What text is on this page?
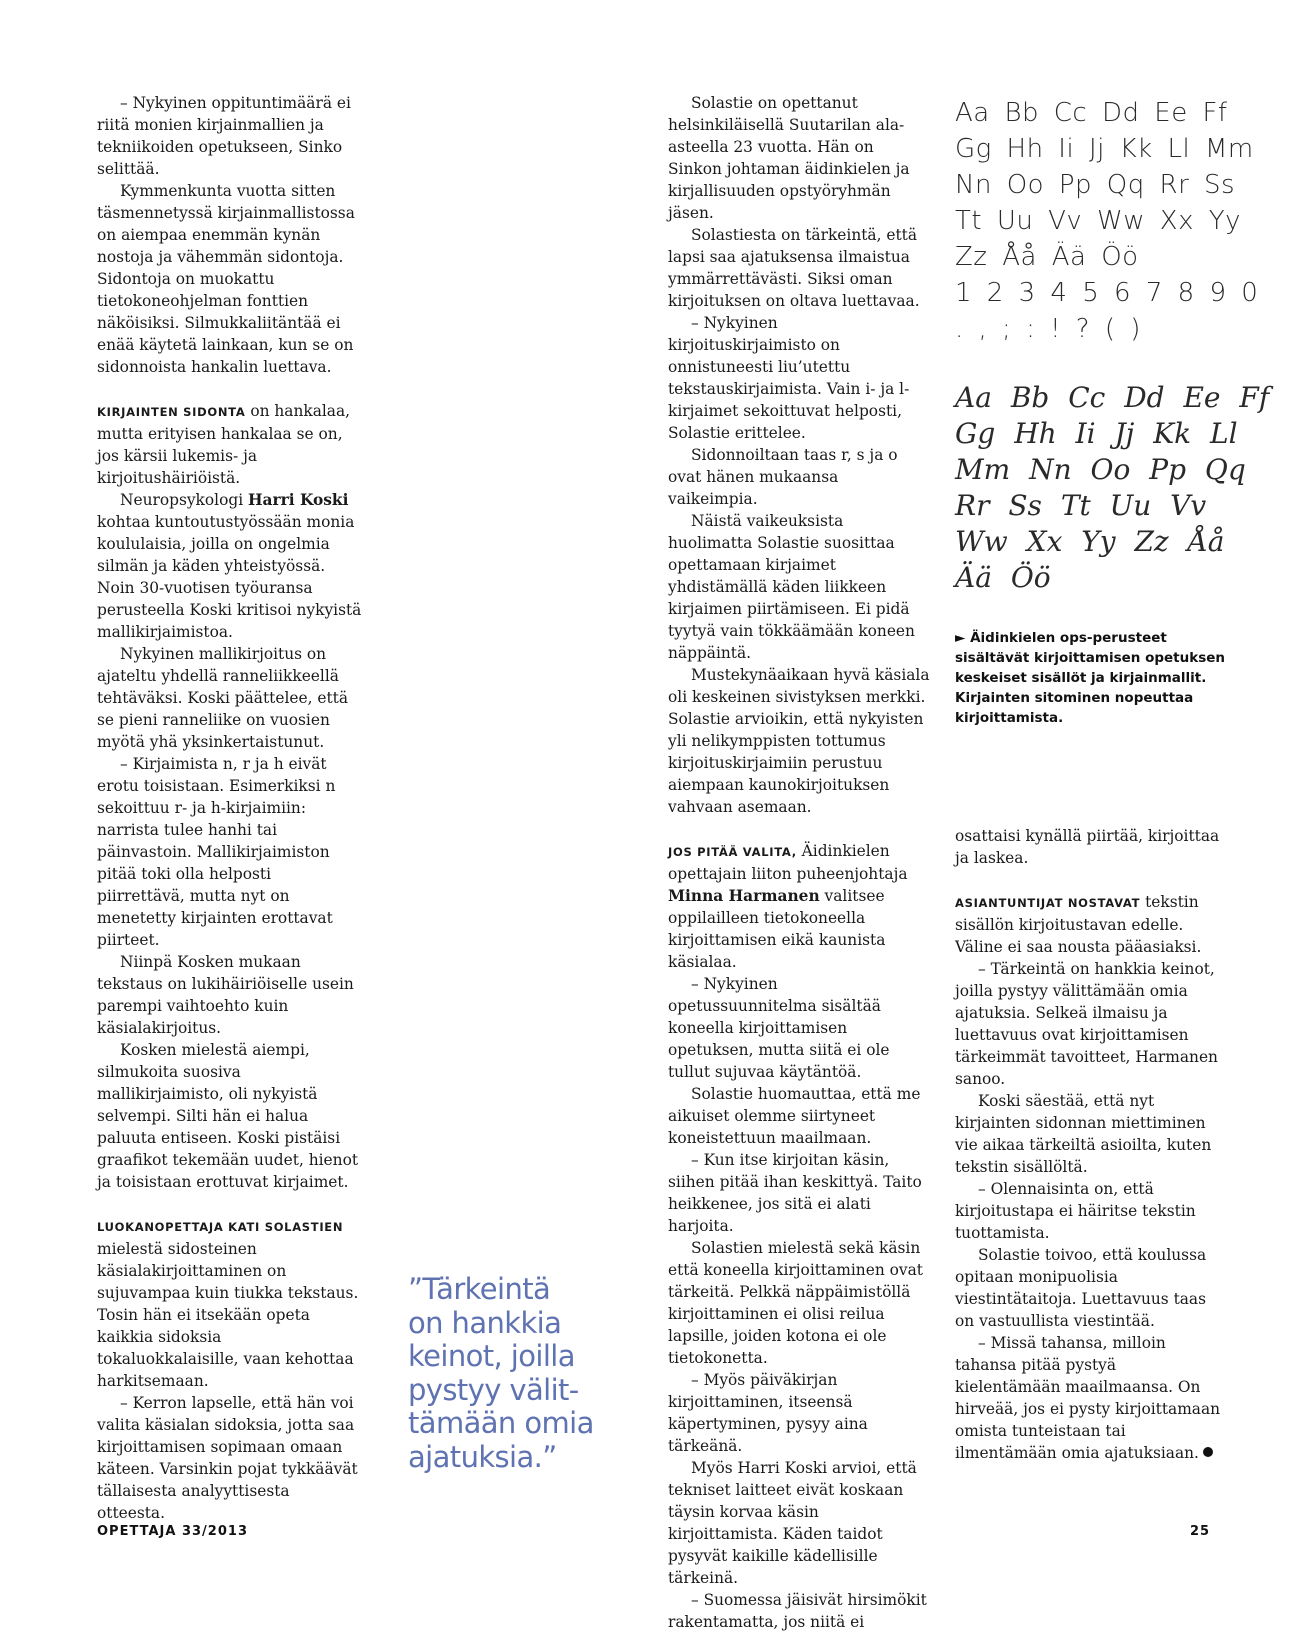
– Nykyinen oppituntimäärä ei riitä monien kirjainmallien ja tekniikoiden opetukseen, Sinko selittää.

Kymmenkunta vuotta sitten täsmennetyssä kirjainmallistossa on aiempaa enemmän kynän nostoja ja vähemmän sidontoja. Sidontoja on muokattu tietokoneohjelman fonttien näköisiksi. Silmukkaliitäntää ei enää käytetä lainkaan, kun se on sidonnoista hankalin luettava.

KIRJAINTEN SIDONTA on hankalaa, mutta erityisen hankalaa se on, jos kärsii lukemis- ja kirjoitushäiriöistä.

Neuropsykologi Harri Koski kohtaa kuntoutustyössään monia koululaisia, joilla on ongelmia silmän ja käden yhteistyössä. Noin 30-vuotisen työuransa perusteella Koski kritisoi nykyistä mallikirjaimistoa.

Nykyinen mallikirjoitus on ajateltu yhdellä ranneliikkeellä tehtäväksi. Koski päättelee, että se pieni ranneliike on vuosien myötä yhä yksinkertaistunut.

– Kirjaimista n, r ja h eivät erotu toisistaan. Esimerkiksi n sekoittuu r- ja h-kirjaimiin: narrista tulee hanhi tai päinvastoin. Mallikirjaimiston pitää toki olla helposti piirrettävä, mutta nyt on menetetty kirjainten erottavat piirteet.

Niinpä Kosken mukaan tekstaus on lukihäiriöiselle usein parempi vaihtoehto kuin käsialakirjoitus.

Kosken mielestä aiempi, silmukoita suosiva mallikirjaimisto, oli nykyistä selvempi. Silti hän ei halua paluuta entiseen. Koski pistäisi graafikot tekemään uudet, hienot ja toisistaan erottuvat kirjaimet.

LUOKANOPETTAJA KATI SOLASTIEN mielestä sidosteinen käsialakirjoittaminen on sujuvampaa kuin tiukka tekstaus. Tosin hän ei itsekään opeta kaikkia sidoksia tokaluokkalaisille, vaan kehottaa harkitsemaan.

– Kerron lapselle, että hän voi valita käsialan sidoksia, jotta saa kirjoittamisen sopimaan omaan käteen. Varsinkin pojat tykkäävät tällaisesta analyyttisesta otteesta.

Solastie on opettanut helsinkiläisellä Suutarilan ala-asteella 23 vuotta. Hän on Sinkon johtaman äidinkielen ja kirjallisuuden opstyöryhmän jäsen.

Solastiesta on tärkeintä, että lapsi saa ajatuksensa ilmaistua ymmärrettävästi. Siksi oman kirjoituksen on oltava luettavaa.

– Nykyinen kirjoituskirjaimisto on onnistuneesti liu’utettu tekstauskirjaimista. Vain i- ja l-kirjaimet sekoittuvat helposti, Solastie erittelee.

Sidonnoiltaan taas r, s ja o ovat hänen mukaansa vaikeimpia.

Näistä vaikeuksista huolimatta Solastie suosittaa opettamaan kirjaimet yhdistämällä käden liikkeen kirjaimen piirtämiseen. Ei pidä tyytyä vain tökkäämään koneen näppäintä.

Mustekynäaikaan hyvä käsiala oli keskeinen sivistyksen merkki. Solastie arvioikin, että nykyisten yli nelikymppisten tottumus kirjoituskirjaimiin perustuu aiempaan kaunokirjoituksen vahvaan asemaan.

JOS PITÄÄ VALITA, Äidinkielen opettajain liiton puheenjohtaja Minna Harmanen valitsee oppilailleen tietokoneella kirjoittamisen eikä kaunista käsialaa.

– Nykyinen opetussuunnitelma sisältää koneella kirjoittamisen opetuksen, mutta siitä ei ole tullut sujuvaa käytäntöä.

Solastie huomauttaa, että me aikuiset olemme siirtyneet koneistettuun maailmaan.

– Kun itse kirjoitan käsin, siihen pitää ihan keskittyä. Taito heikkenee, jos sitä ei alati harjoita.

Solastien mielestä sekä käsin että koneella kirjoittaminen ovat tärkeitä. Pelkkä näppäimistöllä kirjoittaminen ei olisi reilua lapsille, joiden kotona ei ole tietokonetta.

– Myös päiväkirjan kirjoittaminen, itseensä käpertyminen, pysyy aina tärkeänä.

Myös Harri Koski arvioi, että tekniset laitteet eivät koskaan täysin korvaa käsin kirjoittamista. Käden taidot pysyvät kaikille kädellisille tärkeinä.

– Suomessa jäisivät hirsimökit rakentamatta, jos niitä ei

osattaisi kynällä piirtää, kirjoittaa ja laskea.

ASIANTUNTIJAT NOSTAVAT tekstin sisällön kirjoitustavan edelle. Väline ei saa nousta pääasiaksi.

– Tärkeintä on hankkia keinot, joilla pystyy välittämään omia ajatuksia. Selkeä ilmaisu ja luettavuus ovat kirjoittamisen tärkeimmät tavoitteet, Harmanen sanoo.

Koski säestää, että nyt kirjainten sidonnan miettiminen vie aikaa tärkeiltä asioilta, kuten tekstin sisällöltä.

– Olennaisinta on, että kirjoitustapa ei häiritse tekstin tuottamista.

Solastie toivoo, että koulussa opitaan monipuolisia viestintätaitoja. Luettavuus taas on vastuullista viestintää.

– Missä tahansa, milloin tahansa pitää pystyä kielentämään maailmaansa. On hirveää, jos ei pysty kirjoittamaan omista tunteistaan tai ilmentämään omia ajatuksiaan.

”Tärkeintä
on hankkia
keinot, joilla
pystyy välit-
tämään omia
ajatuksia.”
Aa Bb Cc Dd Ee Ff
Gg Hh Ii Jj Kk Ll Mm
Nn Oo Pp Qq Rr Ss
Tt Uu Vv Ww Xx Yy
Zz Åå Ää Öö
1 2 3 4 5 6 7 8 9 0
. , ; : ! ? ( )
Aa Bb Cc Dd Ee Ff
Gg Hh Ii Jj Kk Ll
Mm Nn Oo Pp Qq
Rr Ss Tt Uu Vv
Ww Xx Yy Zz Åå
Ää Öö
► Äidinkielen ops-perusteet sisältävät kirjoittamisen opetuksen keskeiset sisällöt ja kirjainmallit. Kirjainten sitominen nopeuttaa kirjoittamista.
OPETTAJA 33/2013	25
